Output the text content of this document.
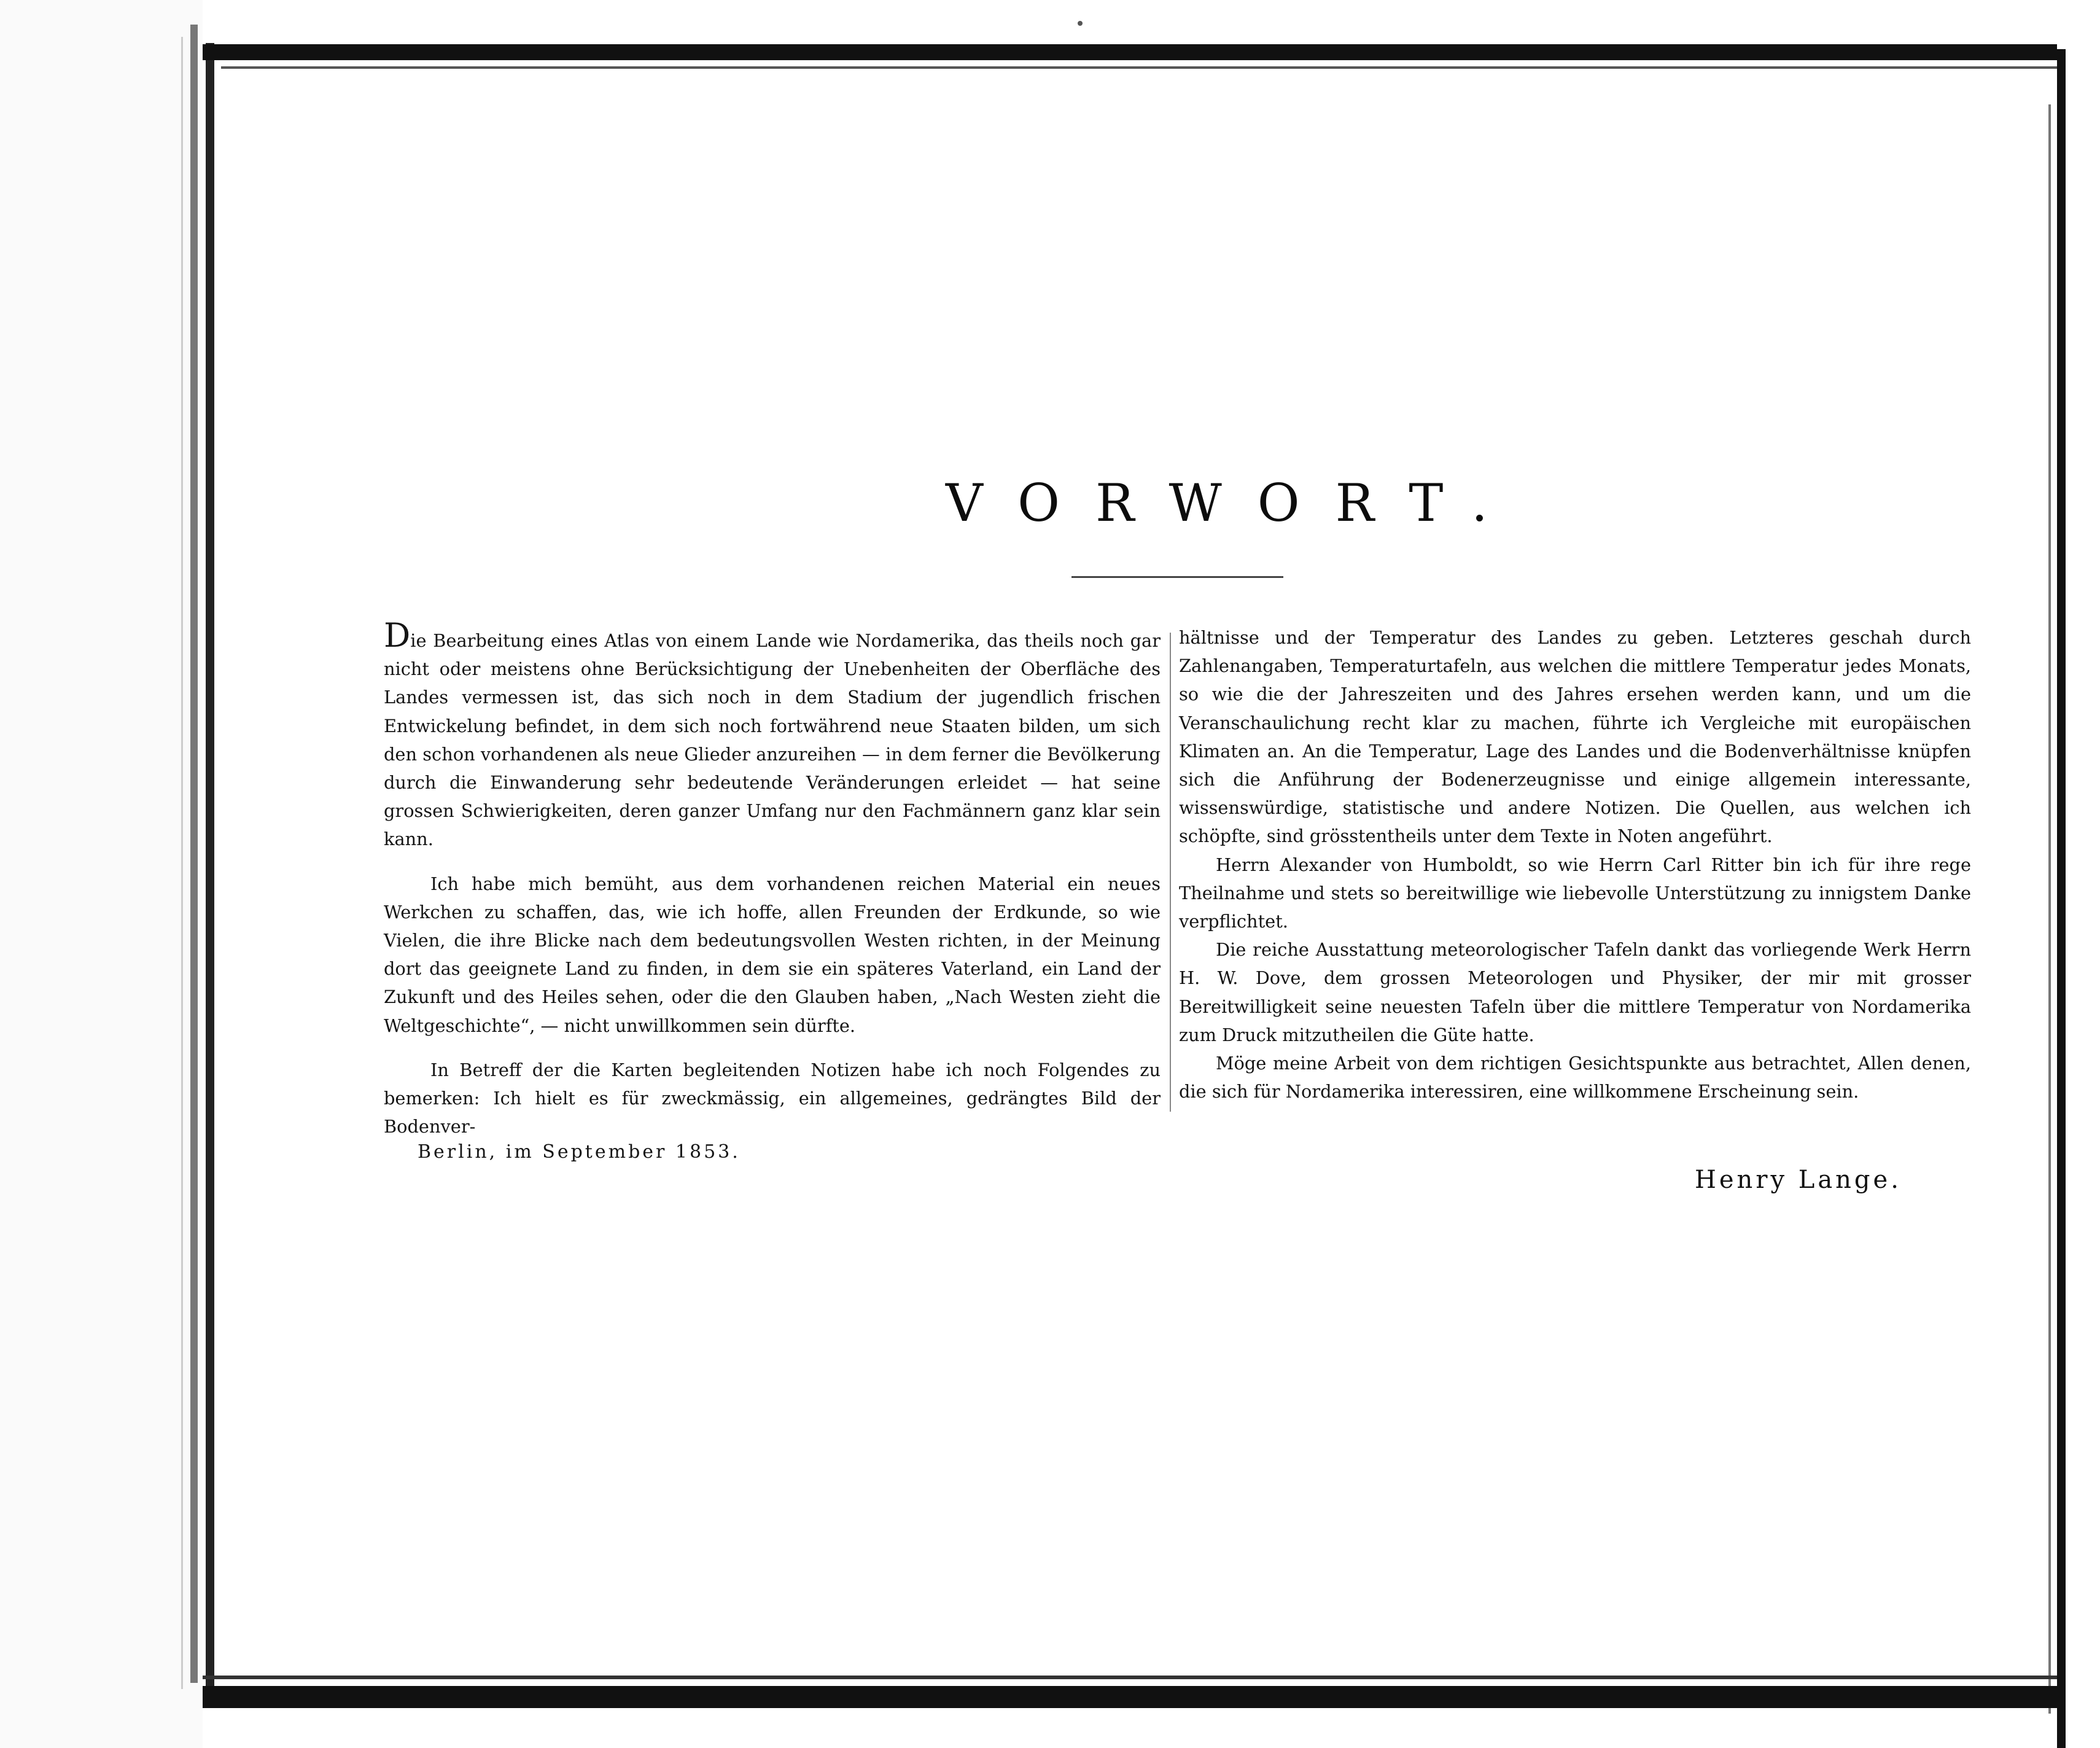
VORWORT.

Die Bearbeitung eines Atlas von einem Lande wie Nordamerika, das theils noch gar nicht oder meistens ohne Berücksichtigung der Unebenheiten der Oberfläche des Landes vermessen ist, das sich noch in dem Stadium der jugendlich frischen Entwickelung befindet, in dem sich noch fortwährend neue Staaten bilden, um sich den schon vorhandenen als neue Glieder anzureihen — in dem ferner die Bevölkerung durch die Einwanderung sehr bedeutende Veränderungen erleidet — hat seine grossen Schwierigkeiten, deren ganzer Umfang nur den Fachmännern ganz klar sein kann.

Ich habe mich bemüht, aus dem vorhandenen reichen Material ein neues Werkchen zu schaffen, das, wie ich hoffe, allen Freunden der Erdkunde, so wie Vielen, die ihre Blicke nach dem bedeutungsvollen Westen richten, in der Meinung dort das geeignete Land zu finden, in dem sie ein späteres Vaterland, ein Land der Zukunft und des Heiles sehen, oder die den Glauben haben, „Nach Westen zieht die Weltgeschichte“, — nicht unwillkommen sein dürfte.

In Betreff der die Karten begleitenden Notizen habe ich noch Folgendes zu bemerken: Ich hielt es für zweckmässig, ein allgemeines, gedrängtes Bild der Bodenver-

hältnisse und der Temperatur des Landes zu geben. Letzteres geschah durch Zahlenangaben, Temperaturtafeln, aus welchen die mittlere Temperatur jedes Monats, so wie die der Jahreszeiten und des Jahres ersehen werden kann, und um die Veranschaulichung recht klar zu machen, führte ich Vergleiche mit europäischen Klimaten an. An die Temperatur, Lage des Landes und die Bodenverhältnisse knüpfen sich die Anführung der Bodenerzeugnisse und einige allgemein interessante, wissenswürdige, statistische und andere Notizen. Die Quellen, aus welchen ich schöpfte, sind grösstentheils unter dem Texte in Noten angeführt.

Herrn Alexander von Humboldt, so wie Herrn Carl Ritter bin ich für ihre rege Theilnahme und stets so bereitwillige wie liebevolle Unterstützung zu innigstem Danke verpflichtet.

Die reiche Ausstattung meteorologischer Tafeln dankt das vorliegende Werk Herrn H. W. Dove, dem grossen Meteorologen und Physiker, der mir mit grosser Bereitwilligkeit seine neuesten Tafeln über die mittlere Temperatur von Nordamerika zum Druck mitzutheilen die Güte hatte.

Möge meine Arbeit von dem richtigen Gesichtspunkte aus betrachtet, Allen denen, die sich für Nordamerika interessiren, eine willkommene Erscheinung sein.

Berlin, im September 1853.
Henry Lange.
